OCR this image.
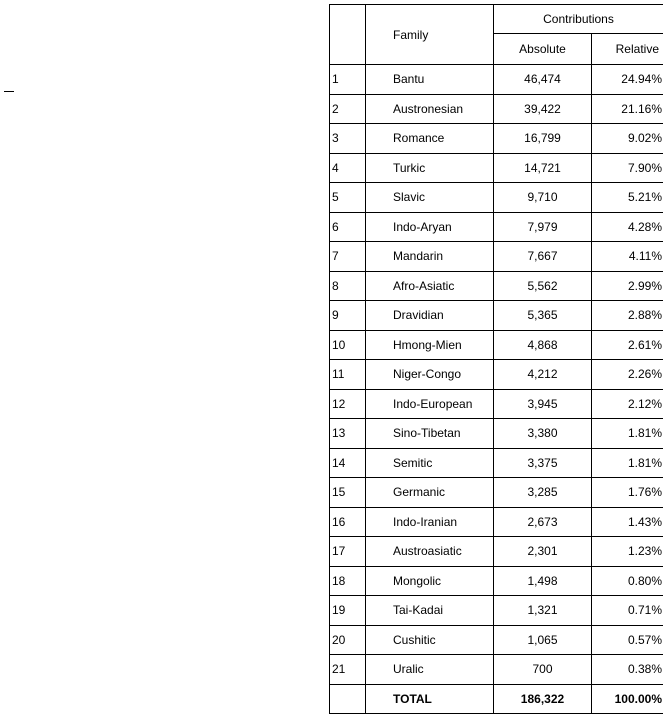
	Family	Contributions	
		Absolute	Relative
1	Bantu	46,474	24.94%
2	Austronesian	39,422	21.16%
3	Romance	16,799	9.02%
4	Turkic	14,721	7.90%
5	Slavic	9,710	5.21%
6	Indo-Aryan	7,979	4.28%
7	Mandarin	7,667	4.11%
8	Afro-Asiatic	5,562	2.99%
9	Dravidian	5,365	2.88%
10	Hmong-Mien	4,868	2.61%
11	Niger-Congo	4,212	2.26%
12	Indo-European	3,945	2.12%
13	Sino-Tibetan	3,380	1.81%
14	Semitic	3,375	1.81%
15	Germanic	3,285	1.76%
16	Indo-Iranian	2,673	1.43%
17	Austroasiatic	2,301	1.23%
18	Mongolic	1,498	0.80%
19	Tai-Kadai	1,321	0.71%
20	Cushitic	1,065	0.57%
21	Uralic	700	0.38%
	TOTAL	186,322	100.00%
